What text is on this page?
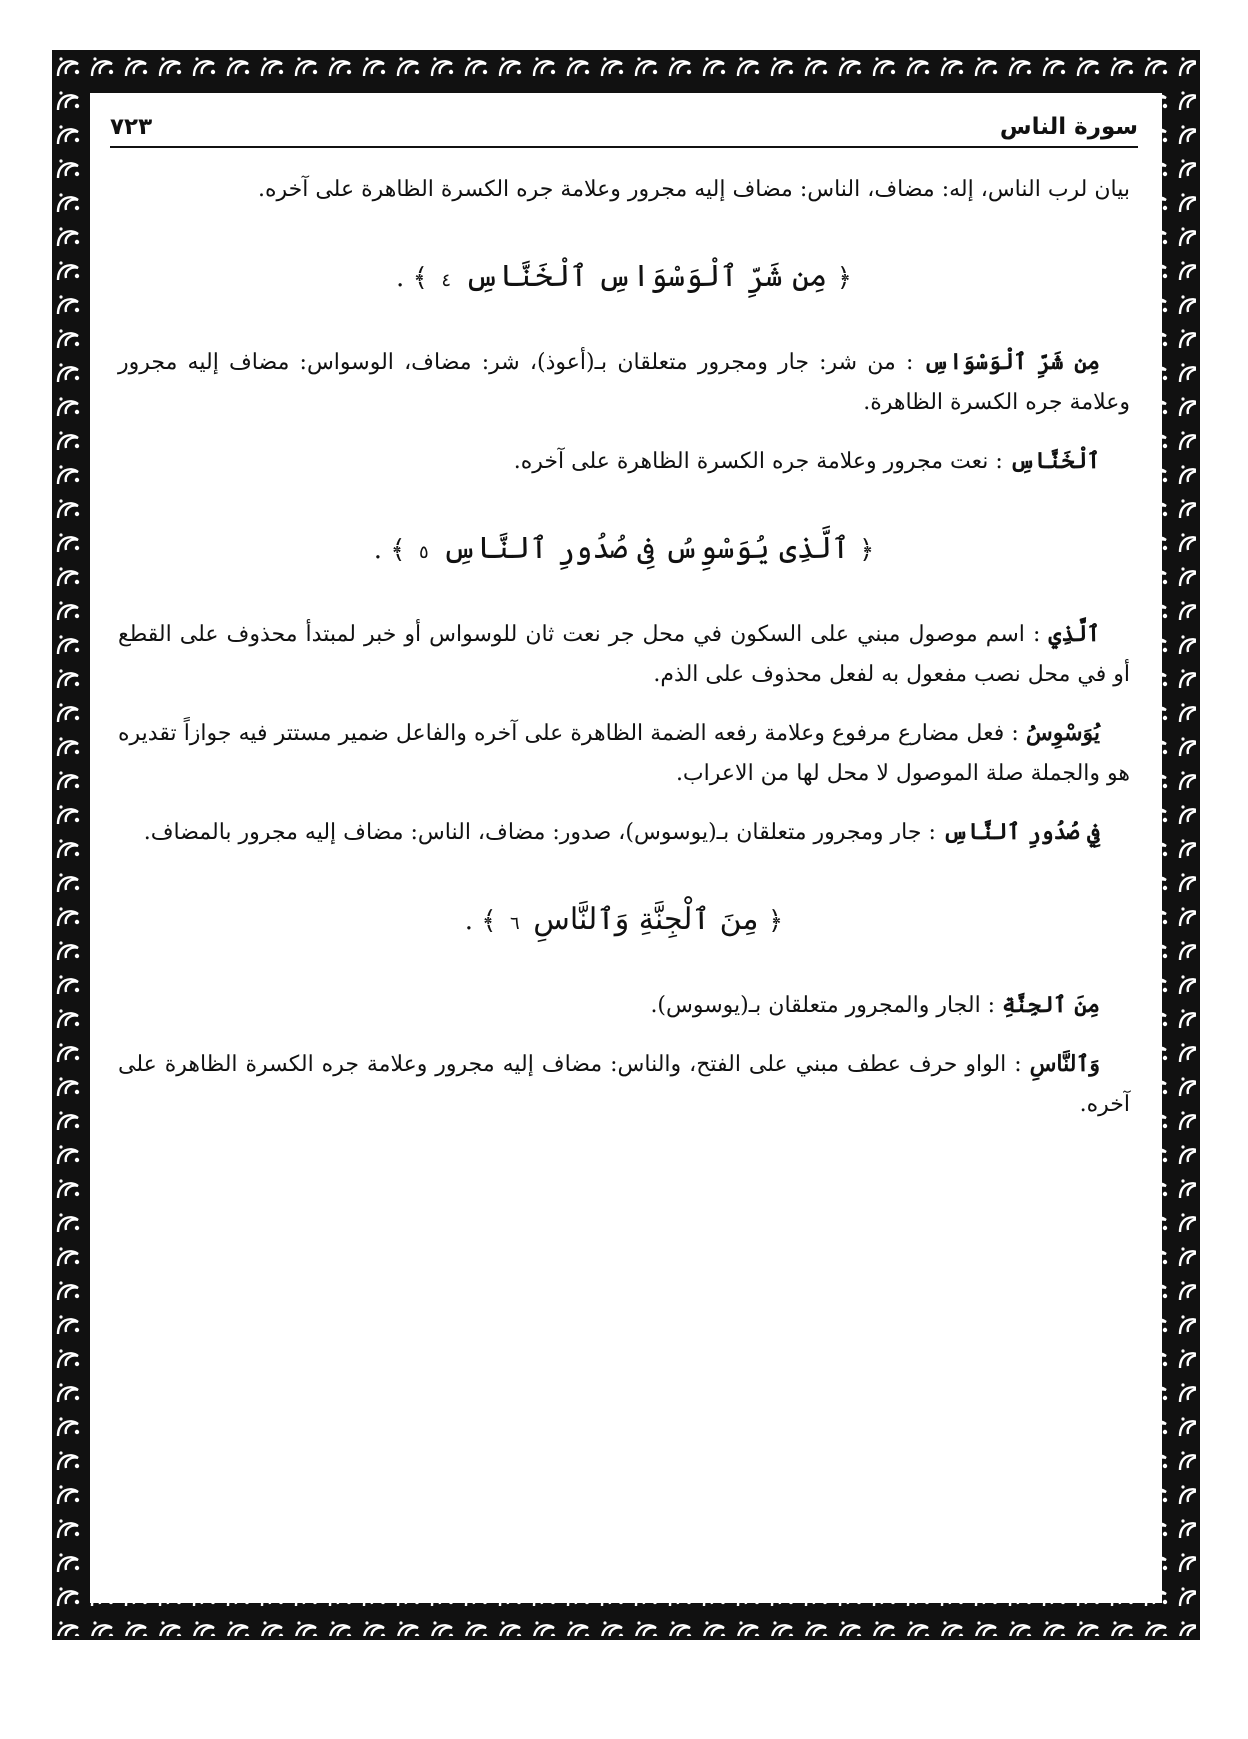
سورة الناس
٧٢٣

بيان لرب الناس، إله: مضاف، الناس: مضاف إليه مجرور وعلامة جره الكسرة الظاهرة على آخره.

﴿ مِن شَرِّ ٱلْوَسْوَاسِ ٱلْخَنَّاسِ ٤ ﴾ .

مِن شَرِّ ٱلْوَسْوَاسِ : من شر: جار ومجرور متعلقان بـ(أعوذ)، شر: مضاف، الوسواس: مضاف إليه مجرور وعلامة جره الكسرة الظاهرة.

ٱلْخَنَّاسِ : نعت مجرور وعلامة جره الكسرة الظاهرة على آخره.

﴿ ٱلَّذِى يُوَسْوِسُ فِى صُدُورِ ٱلنَّاسِ ٥ ﴾ .

ٱلَّذِي : اسم موصول مبني على السكون في محل جر نعت ثان للوسواس أو خبر لمبتدأ محذوف على القطع أو في محل نصب مفعول به لفعل محذوف على الذم.

يُوَسْوِسُ : فعل مضارع مرفوع وعلامة رفعه الضمة الظاهرة على آخره والفاعل ضمير مستتر فيه جوازاً تقديره هو والجملة صلة الموصول لا محل لها من الاعراب.

فِي صُدُورِ ٱلنَّاسِ : جار ومجرور متعلقان بـ(يوسوس)، صدور: مضاف، الناس: مضاف إليه مجرور بالمضاف.

﴿ مِنَ ٱلْجِنَّةِ وَٱلنَّاسِ ٦ ﴾ .

مِنَ ٱلجِنَّةِ : الجار والمجرور متعلقان بـ(يوسوس).

وَٱلنَّاسِ : الواو حرف عطف مبني على الفتح، والناس: مضاف إليه مجرور وعلامة جره الكسرة الظاهرة على آخره.
